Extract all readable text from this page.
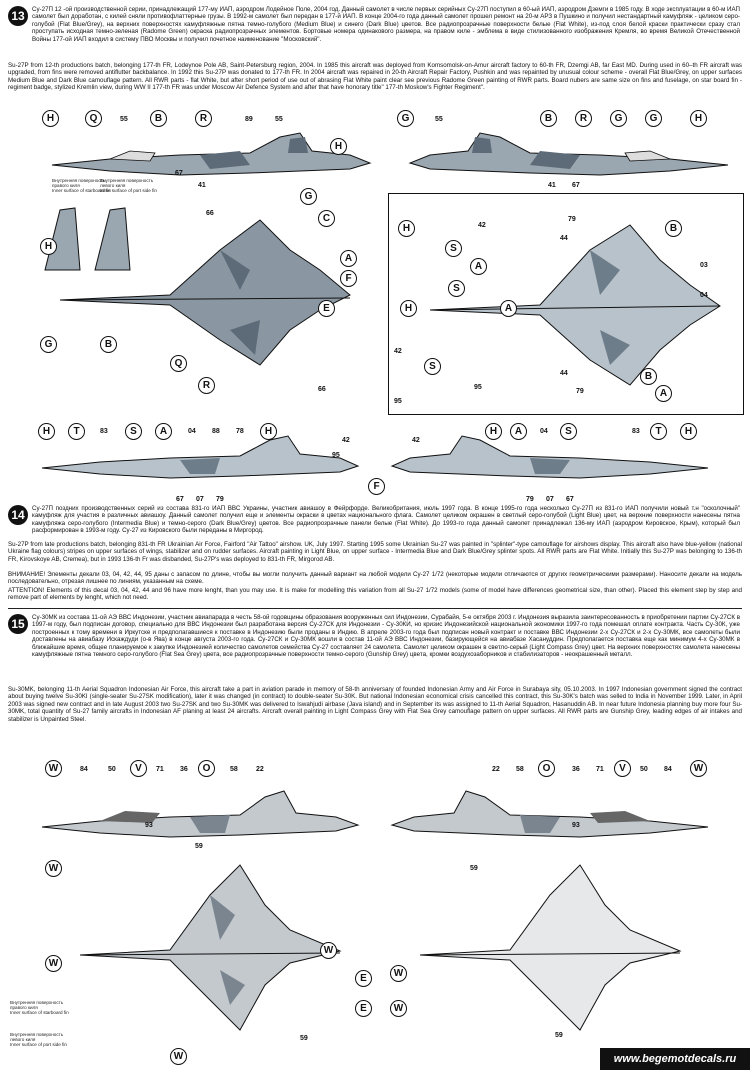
13	Су-27П 12 -ой производственной серии, принадлежащий 177-му ИАП, аэродром Лодейное Поле, 2004 год. Данный самолет в числе первых серийных Су-27П поступил в 60-ый ИАП, аэродром Дземги в 1985 году. В ходе эксплуатации в 60-м ИАП самолет был доработан, с килей сняли противофлаттерные грузы. В 1992-м самолет был передан в 177-й ИАП. В конце 2004-го года данный самолет прошел ремонт на 20-м АРЗ в Пушкино и получил нестандартный камуфляж - целиком серо-голубой (Flat Blue/Grey), на верхних поверхностях камуфляжные пятна темно-голубого (Medium Blue) и синего (Dark Blue) цветов. Все радиопрозрачные поверхности белые (Flat White), из-под слоя белой краски практически сразу стал проступать исходная темно-зеленая (Radome Green) окраска радиопрозрачных элементов. Бортовые номера одинакового размера, на правом киле - эмблема в виде стилизованного изображения Кремля, во время Великой Отечественной Войны 177-ой ИАП входил в систему ПВО Москвы и получил почетное наименование "Московский".

Su-27P from 12-th productions batch, belonging 177-th FR, Lodeynoe Pole AB, Saint-Petersburg region, 2004. In 1985 this aircraft was deployed from Komsomolsk-on-Amur aircraft factory to 60-th FR, Dzemgi AB, far East MD. During used in 60–th FR aircraft was upgraded, from fins were removed antiflutter backbalance. In 1992 this Su-27P was donated to 177-th FR. In 2004 aircraft was repaired in 20-th Aircraft Repair Factory, Pushkin and was repainted by unusual colour scheme - overall Flat Blue/Grey, on upper surfaces Medium Blue and Dark Blue camouflage pattern. All RWR parts - flat White, but after short period of use out of abrasing Flat White paint clear see previous Radome Green painting of RWR parts. Board nubers are same size on fins and fuselage, on star board fin - regiment badge, stylized Kremlin view, during WW II 177-th FR was under Moscow Air Defence System and after that have honorary title" 177-th Moskow's Fighter Regiment".

H	Q	55	B	R	89	55
67
41
H
G	55	B	R	G	G	H
41 67
Внутренняя поверхность
правого киля
Inner surface of starboard fin
Внутренняя поверхность
левого киля
Inner surface of port side fin
H
G	B
Q
R
C
A
F
E
G
66
66
H
S
S
A
B
H
S
B
A
A
42
95
44
79
03
04
79
44
42
95
H	T	83	S	A	04 88 78	H
67 07 79
42
95
42
F
H	A	04	S	83	T	H
79 07 67
14	Су-27П поздних производственных серий из состава 831-го ИАП ВВС Украины, участник авиашоу в Фейрфорде. Великобритания, июль 1997 года. В конце 1995-го года несколько Су-27П из 831-го ИАП получили новый т.н "осколочный" камуфляж для участия в различных авиашоу. Данный самолет получил еще и элементы окраски в цветах национального флага. Самолет целиком окрашен в светлый серо-голубой (Light Blue) цвет, на верхние поверхности нанесены пятна камуфляжа серо-голубого (Intermedia Blue) и темно-серого (Dark Blue/Grey) цветов. Все радиопрозрачные панели белые (Flat White). До 1993-го года данный самолет принадлежал 136-му ИАП (аэродром Кировское, Крым), который был расформирован в 1993-м году. Су-27 из Кировского были переданы в Миргород.

Su-27P from late productions batch, belonging 831-th FR Ukrainian Air Force, Fairford "Air Tattoo" airshow. UK, July 1997. Starting 1995 some Ukrainian Su-27 was painted in "splinter"-type camouflage for airshows display. This aircraft also have blue-yellow (national Ukraine flag colours) stripes on upper surfaces of wings, stabilizer and on rudder surfaces. Aircraft painting in Light Blue, on upper surface - Intermedia Blue and Dark Blue/Grey splinter spots. All RWR parts are Flat White. Initially this Su-27P was belonging to 136-th FR, Kirovskoye AB, Cremea), but in 1993 136-th Fr was disbanded, Su-27P's was deployed to 831-th FR, Mirgorod AB.

ВНИМАНИЕ! Элементы декали 03, 04, 42, 44, 95 даны с запасом по длине, чтобы вы могли получить данный вариант на любой модели Су-27 1/72 (некоторые модели отличаются от других геометрическими размерами). Наносите декали на модель последовательно, отрезая лишнее по линиям, указанным на схеме.

ATTENTION! Elements of this decal 03, 04, 42, 44 and 96 have more lenght, than you may use. It is make for modelling this variation from all Su-27 1/72 models (some of model have differences geometrical size, than other). Placed this element step by step and remove part of elements by lenght, which not need.

15	Су-30МК из состава 11-ой АЭ ВВС Индонезии, участник авиапарада в честь 58-ой годовщины образования вооруженных сил Индонезии, Сурабайя, 5-е октября 2003 г. Индонезия выразила заинтересованность в приобретении партии Су-27СК в 1997-м году, был подписан договор, специально для ВВС Индонезии был разработана версия Су-27СК для Индонезии - Су-30КИ, но кризис Индонезийской национальной экономики 1997-го года помешал оплате контракта. Часть Су-30К, уже построенных к тому времени в Иркутске и предполагавшиеся к поставке в Индонезию были проданы в Индию. В апреле 2003-го года был подписан новый контракт и поставке ВВС Индонезии 2-х Су-27СК и 2-х Су-30МК, все самолеты были доставлены на авиабазу Искаждуди (о-в Ява) в конце августа 2003-го года. Су-27СК и Су-30МК вошли в состав 11-ой АЭ ВВС Индонезии, базирующейся на авиабазе Хасануддин. Предполагается поставка еще как минимум 4-х Су-30МК в ближайшие время, общее планируемое к закупке Индонезией количество самолетов семейства Су-27 составляет 24 самолета. Самолет целиком окрашен в светло-серый (Light Compass Grey) цвет. На верхних поверхностях самолета нанесены камуфляжные пятна темного серо-голубого (Flat Sea Grey) цвета, все радиопрозрачные поверхности темно-серого (Gunship Grey) цвета, кромки воздухозаборников и стабилизаторов - неокрашенный металл.

Su-30MK, belonging 11-th Aerial Squadron Indonesian Air Force, this aircraft take a part in aviation parade in memory of 58-th anniversary of founded Indonesian Army and Air Force in Surabaya sity, 05.10.2003. In 1997 Indonesian government signed the contract about buying twelve Su-30KI (single-seater Su-27SK modification), later it was changed (in contract) to double-seater Su-30K. But national Indonesian economical crisis cancelled this contract, this Su-30K's batch was selled to India in November 1999. Later, in April 2003 was signed new contract and in late August 2003 two Su-27SK and two Su-30MK was delivered to Iswahjudi airbase (Java island) and in September its was assigned to 11-th Aerial Squadron, Hasanuddin AB. In near future Indonesia planning buy more four Su-30MK, total quantity of Su-27 family aircrafts in Indonesian AF planing at least 24 aircrafts. Aircraft overall painting in Light Compass Grey with Flat Sea Grey camouflage pattern on upper surfaces. All RWR parts are Gunship Grey, leading edges of air intakes and stabilizer is Unpainted Steel.

W	84	50	V	71 36	O	58	22
93
22 58	O	36 71	V	50 84	W
93
W
W
W
W
W
W
E
E
59
59
59
59
Внутренняя поверхность
правого киля
Inner surface of starboard fin
Внутренняя поверхность
левого киля
Inner surface of port side fin
www.begemotdecals.ru
